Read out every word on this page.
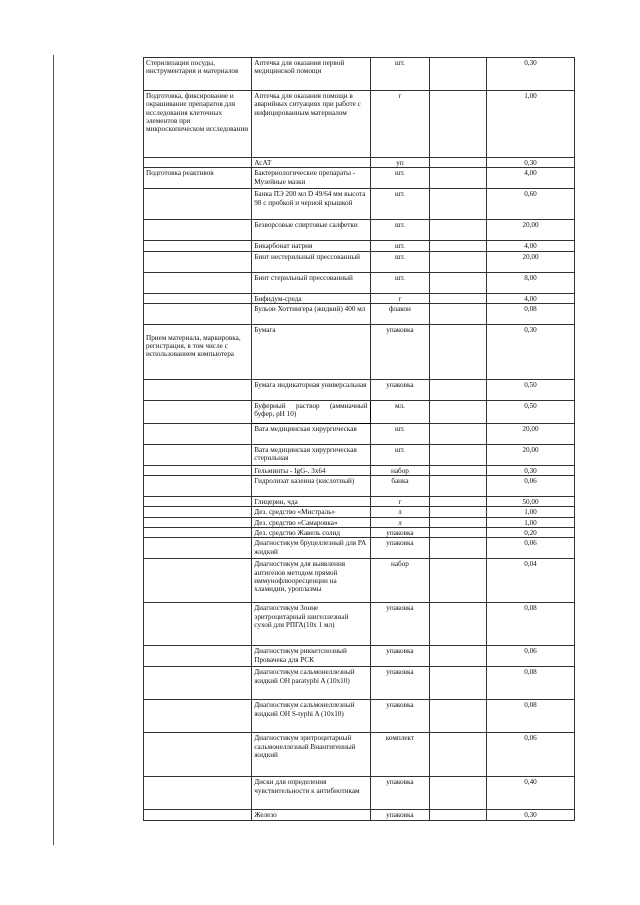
Стерилизация посуды, инструментария и материалов	Аптечка для оказания первой медицинской помощи	шт.		0,30
Подготовка, фиксирование и окрашивание препаратов для исследования клеточных элементов при микроскопическом исследовании	Аптечка для оказания помощи в аварийных ситуациях при работе с инфицированным материалом	г		1,00
	АсАТ	уп		0,30
Подготовка реактивов	Бактериологические препараты - Музейные мазки	шт.		4,00
	Банка ПЭ 200 мл D 49/64 мм высота 98 с пробкой и черной крышкой	шт.		0,60
	Безворсовые спиртовые салфетки	шт.		20,00
	Бикарбонат натрия	шт.		4,00
	Бинт нестерильный прессованный	шт.		20,00
	Бинт стерильный прессованный	шт.		8,00
	Бифидум-среда	г		4,00
	Бульон Хоттингера (жидкий) 400 мл	флакон		0,08
Прием материала, маркировка, регистрация, в том числе с использованием компьютера	Бумага	упаковка		0,30
	Бумага индикаторная универсальная	упаковка		0,50
	Буферный раствор (аммиачный буфер, pH 10)	мл.		0,50
	Вата медицинская хирургическая	шт.		20,00
	Вата медицинская хирургическая стерильная	шт.		20,00
	Гельминты - IgG-, 3х64	набор		0,30
	Гидролизат казеина (кислотный)	банка		0,06
	Глицерин, чда	г		50,00
	Дез. средство «Мистраль»	л		1,00
	Дез. средство «Самаровка»	л		1,00
	Дез. средство Жавель солид	упаковка		0,20
	Диагностикум бруцеллезный для РА жидкий	упаковка		0,06
	Диагностикум для выявления антигенов методом прямой иммунофлюоресценции на хламидии, уроплазмы	набор		0,04
	Диагностикум Зонне эритроцитарный шигеллезный сухой для РПГА(10х 1 мл)	упаковка		0,08
	Диагностикум риккетсиозный Провачека для РСК	упаковка		0,06
	Диагностикум сальмонеллезный жидкий ОН paratyphi A (10х10)	упаковка		0,08
	Диагностикум сальмонеллезный жидкий ОН S-typhi A (10х10)	упаковка		0,08
	Диагностикум эритроцитарный сальмонеллезный Виантигенный жидкий	комплект		0,06
	Диски для определения чувствительности к антибиотикам	упаковка		0,40
	Железо	упаковка		0,30
